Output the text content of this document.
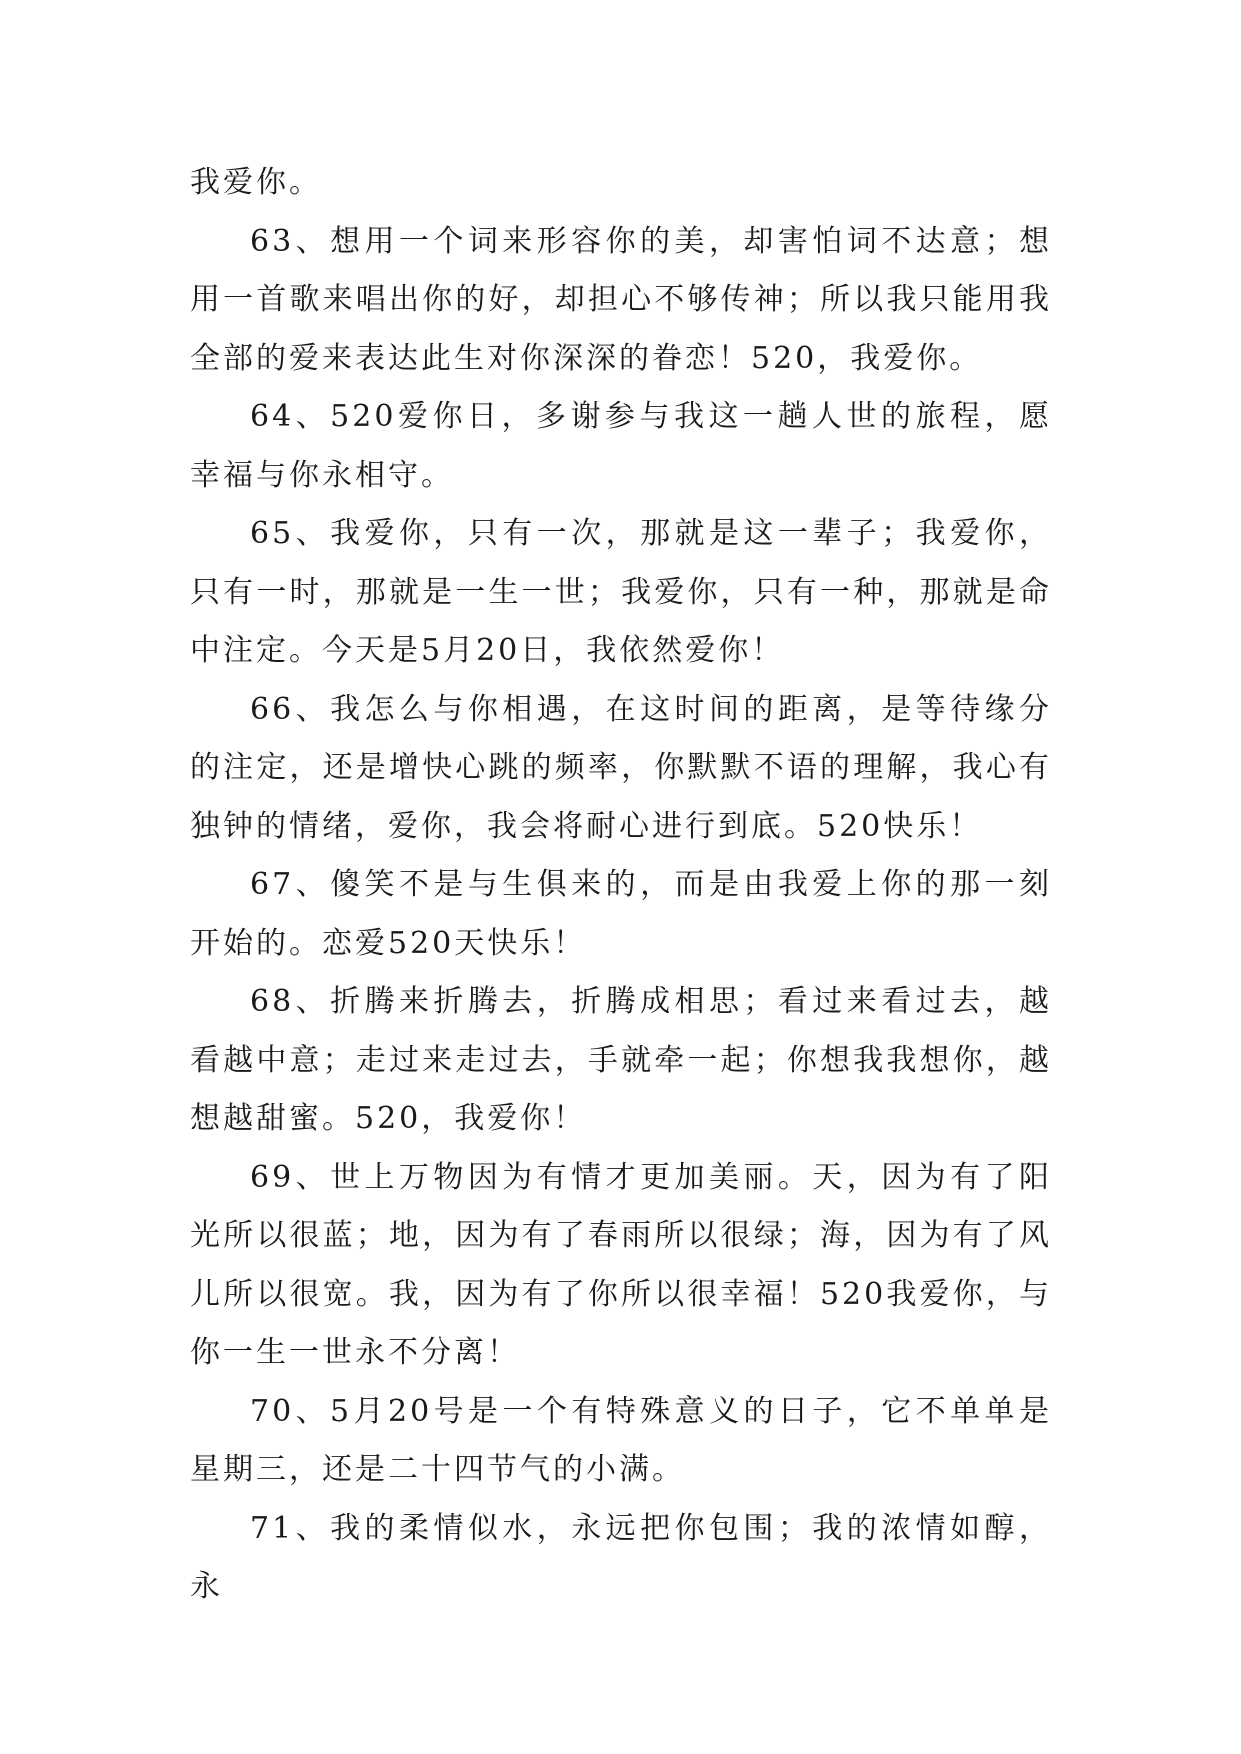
我爱你。

63、想用一个词来形容你的美，却害怕词不达意；想用一首歌来唱出你的好，却担心不够传神；所以我只能用我全部的爱来表达此生对你深深的眷恋！520，我爱你。

64、520爱你日，多谢参与我这一趟人世的旅程，愿幸福与你永相守。

65、我爱你，只有一次，那就是这一辈子；我爱你，只有一时，那就是一生一世；我爱你，只有一种，那就是命中注定。今天是5月20日，我依然爱你！

66、我怎么与你相遇，在这时间的距离，是等待缘分的注定，还是增快心跳的频率，你默默不语的理解，我心有独钟的情绪，爱你，我会将耐心进行到底。520快乐！

67、傻笑不是与生俱来的，而是由我爱上你的那一刻开始的。恋爱520天快乐！

68、折腾来折腾去，折腾成相思；看过来看过去，越看越中意；走过来走过去，手就牵一起；你想我我想你，越想越甜蜜。520，我爱你！

69、世上万物因为有情才更加美丽。天，因为有了阳光所以很蓝；地，因为有了春雨所以很绿；海，因为有了风儿所以很宽。我，因为有了你所以很幸福！520我爱你，与你一生一世永不分离！

70、5月20号是一个有特殊意义的日子，它不单单是星期三，还是二十四节气的小满。

71、我的柔情似水，永远把你包围；我的浓情如醇，永
